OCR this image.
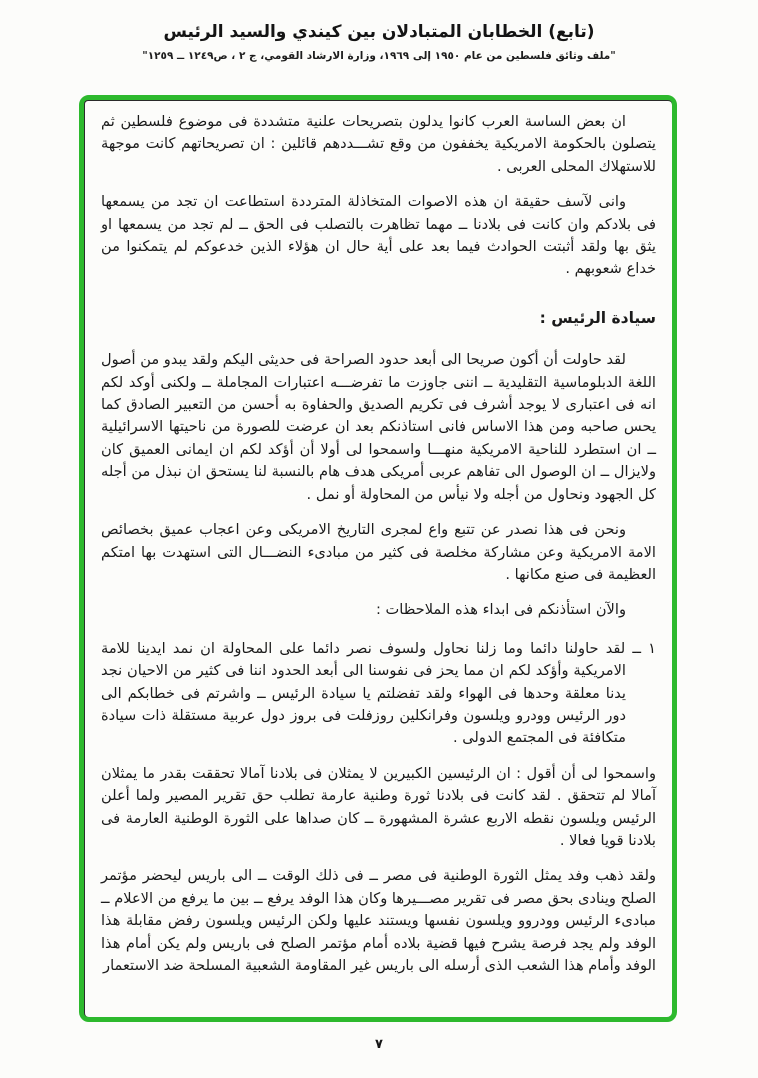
(تابع) الخطابان المتبادلان بين كيندي والسيد الرئيس
"ملف وثائق فلسطين من عام ١٩٥٠ إلى ١٩٦٩، وزارة الارشاد القومي، ج ٢ ، ص١٢٤٩ ــ ١٢٥٩"

ان بعض الساسة العرب كانوا يدلون بتصريحات علنية متشددة فى موضوع فلسطين ثم يتصلون بالحكومة الامريكية يخففون من وقع تشـــددهم قائلين : ان تصريحاتهم كانت موجهة للاستهلاك المحلى العربى .

وانى لآسف حقيقة ان هذه الاصوات المتخاذلة المترددة استطاعت ان تجد من يسمعها فى بلادكم وان كانت فى بلادنا ــ مهما تظاهرت بالتصلب فى الحق ــ لم تجد من يسمعها او يثق بها ولقد أثبتت الحوادث فيما بعد على أية حال ان هؤلاء الذين خدعوكم لم يتمكنوا من خداع شعوبهم .

سيادة الرئيس :

لقد حاولت أن أكون صريحا الى أبعد حدود الصراحة فى حديثى اليكم ولقد يبدو من أصول اللغة الدبلوماسية التقليدية ــ اننى جاوزت ما تفرضـــه اعتبارات المجاملة ــ ولكنى أوكد لكم انه فى اعتبارى لا يوجد أشرف فى تكريم الصديق والحفاوة به أحسن من التعبير الصادق كما يحس صاحبه ومن هذا الاساس فانى استاذنكم بعد ان عرضت للصورة من ناحيتها الاسرائيلية ــ ان استطرد للناحية الامريكية منهـــا واسمحوا لى أولا أن أؤكد لكم ان ايمانى العميق كان ولايزال ــ ان الوصول الى تفاهم عربى أمريكى هدف هام بالنسبة لنا يستحق ان نبذل من أجله كل الجهود ونحاول من أجله ولا نيأس من المحاولة أو نمل .

ونحن فى هذا نصدر عن تتبع واع لمجرى التاريخ الامريكى وعن اعجاب عميق بخصائص الامة الامريكية وعن مشاركة مخلصة فى كثير من مبادىء النضـــال التى استهدت بها امتكم العظيمة فى صنع مكانها .

والآن استأذنكم فى ابداء هذه الملاحظات :

١ ــ لقد حاولنا دائما وما زلنا نحاول ولسوف نصر دائما على المحاولة ان نمد ايدينا للامة الامريكية وأؤكد لكم ان مما يحز فى نفوسنا الى أبعد الحدود اننا فى كثير من الاحيان نجد يدنا معلقة وحدها فى الهواء ولقد تفضلتم يا سيادة الرئيس ــ واشرتم فى خطابكم الى دور الرئيس وودرو ويلسون وفرانكلين روزفلت فى بروز دول عربية مستقلة ذات سيادة متكافئة فى المجتمع الدولى .

واسمحوا لى أن أقول : ان الرئيسين الكبيرين لا يمثلان فى بلادنا آمالا تحققت بقدر ما يمثلان آمالا لم تتحقق . لقد كانت فى بلادنا ثورة وطنية عارمة تطلب حق تقرير المصير ولما أعلن الرئيس ويلسون نقطه الاربع عشرة المشهورة ــ كان صداها على الثورة الوطنية العارمة فى بلادنا قويا فعالا .

ولقد ذهب وفد يمثل الثورة الوطنية فى مصر ــ فى ذلك الوقت ــ الى باريس ليحضر مؤتمر الصلح وينادى بحق مصر فى تقرير مصـــيرها وكان هذا الوفد يرفع ــ بين ما يرفع من الاعلام ــ مبادىء الرئيس وودروو ويلسون نفسها ويستند عليها ولكن الرئيس ويلسون رفض مقابلة هذا الوفد ولم يجد فرصة يشرح فيها قضية بلاده أمام مؤتمر الصلح فى باريس ولم يكن أمام هذا الوفد وأمام هذا الشعب الذى أرسله الى باريس غير المقاومة الشعبية المسلحة ضد الاستعمار

٧
